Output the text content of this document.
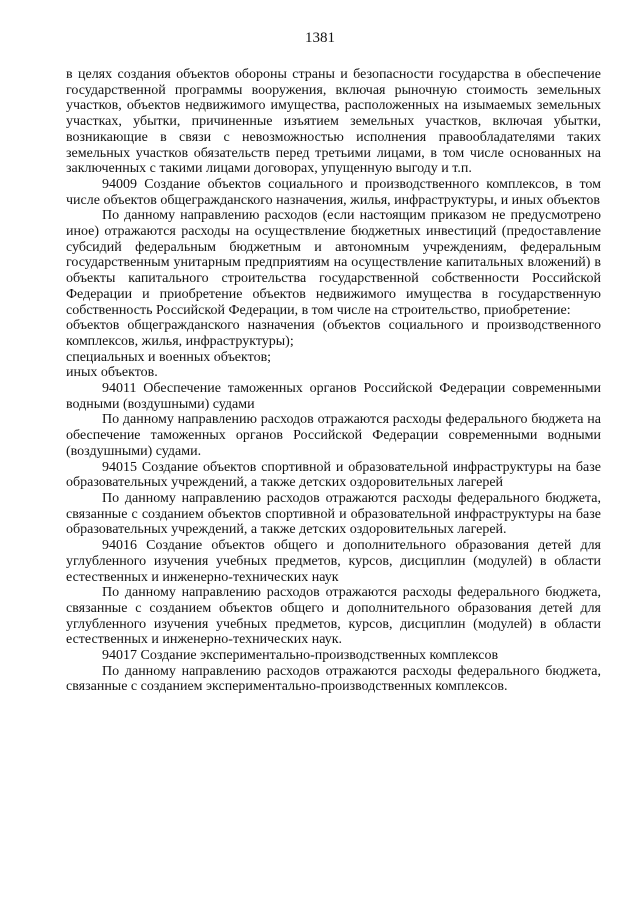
1381

в целях создания объектов обороны страны и безопасности государства в обеспечение государственной программы вооружения, включая рыночную стоимость земельных участков, объектов недвижимого имущества, расположенных на изымаемых земельных участках, убытки, причиненные изъятием земельных участков, включая убытки, возникающие в связи с невозможностью исполнения правообладателями таких земельных участков обязательств перед третьими лицами, в том числе основанных на заключенных с такими лицами договорах, упущенную выгоду и т.п.

94009 Создание объектов социального и производственного комплексов, в том числе объектов общегражданского назначения, жилья, инфраструктуры, и иных объектов

По данному направлению расходов (если настоящим приказом не предусмотрено иное) отражаются расходы на осуществление бюджетных инвестиций (предоставление субсидий федеральным бюджетным и автономным учреждениям, федеральным государственным унитарным предприятиям на осуществление капитальных вложений) в объекты капитального строительства государственной собственности Российской Федерации и приобретение объектов недвижимого имущества в государственную собственность Российской Федерации, в том числе на строительство, приобретение:

объектов общегражданского назначения (объектов социального и производственного комплексов, жилья, инфраструктуры);

специальных и военных объектов;

иных объектов.

94011 Обеспечение таможенных органов Российской Федерации современными водными (воздушными) судами

По данному направлению расходов отражаются расходы федерального бюджета на обеспечение таможенных органов Российской Федерации современными водными (воздушными) судами.

94015 Создание объектов спортивной и образовательной инфраструктуры на базе образовательных учреждений, а также детских оздоровительных лагерей

По данному направлению расходов отражаются расходы федерального бюджета, связанные с созданием объектов спортивной и образовательной инфраструктуры на базе образовательных учреждений, а также детских оздоровительных лагерей.

94016 Создание объектов общего и дополнительного образования детей для углубленного изучения учебных предметов, курсов, дисциплин (модулей) в области естественных и инженерно-технических наук

По данному направлению расходов отражаются расходы федерального бюджета, связанные с созданием объектов общего и дополнительного образования детей для углубленного изучения учебных предметов, курсов, дисциплин (модулей) в области естественных и инженерно-технических наук.

94017 Создание экспериментально-производственных комплексов

По данному направлению расходов отражаются расходы федерального бюджета, связанные с созданием экспериментально-производственных комплексов.
